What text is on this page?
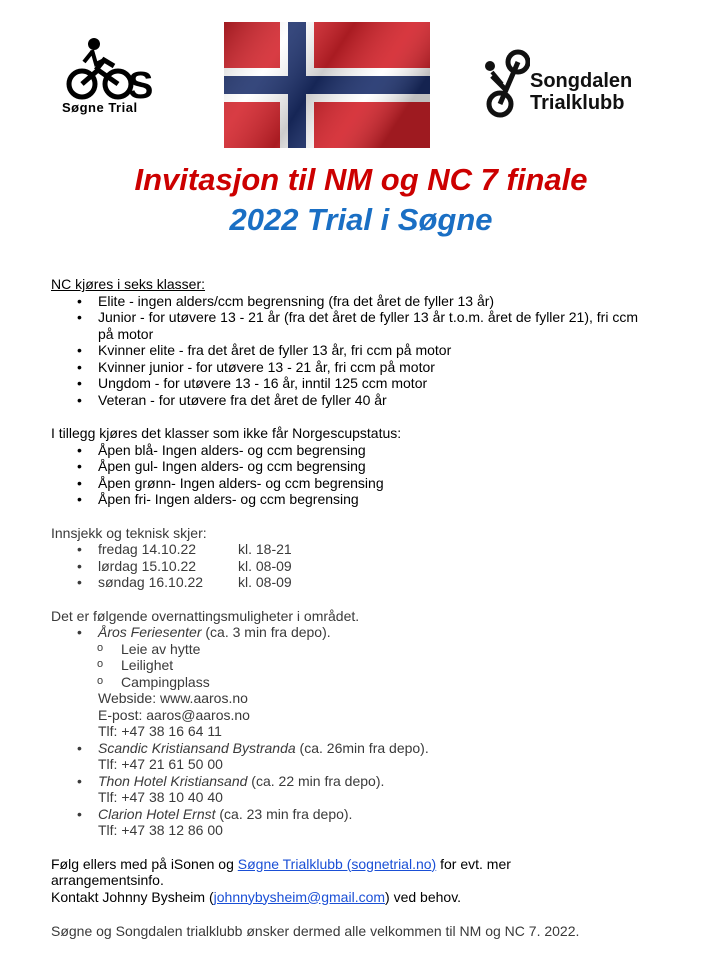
S
Søgne Trial
Songdalen
Trialklubb
Invitasjon til NM og NC 7 finale
2022 Trial i Søgne

NC kjøres i seks klasser:

• Elite - ingen alders/ccm begrensning (fra det året de fyller 13 år)
• Junior - for utøvere 13 - 21 år (fra det året de fyller 13 år t.o.m. året de fyller 21), fri ccm på motor
• Kvinner elite - fra det året de fyller 13 år, fri ccm på motor
• Kvinner junior - for utøvere 13 - 21 år, fri ccm på motor
• Ungdom - for utøvere 13 - 16 år, inntil 125 ccm motor
• Veteran - for utøvere fra det året de fyller 40 år

I tillegg kjøres det klasser som ikke får Norgescupstatus:

• Åpen blå- Ingen alders- og ccm begrensing
• Åpen gul- Ingen alders- og ccm begrensing
• Åpen grønn- Ingen alders- og ccm begrensing
• Åpen fri- Ingen alders- og ccm begrensing

Innsjekk og teknisk skjer:

• fredag 14.10.22	kl. 18-21
• lørdag 15.10.22	kl. 08-09
• søndag 16.10.22 kl. 08-09

Det er følgende overnattingsmuligheter i området.

• Åros Feriesenter (ca. 3 min fra depo).
o Leie av hytte
o Leilighet
o Campingplass
Webside: www.aaros.no
E-post: aaros@aaros.no
Tlf: +47 38 16 64 11
• Scandic Kristiansand Bystranda (ca. 26min fra depo).
Tlf: +47 21 61 50 00
• Thon Hotel Kristiansand (ca. 22 min fra depo).
Tlf: +47 38 10 40 40
• Clarion Hotel Ernst (ca. 23 min fra depo).
Tlf: +47 38 12 86 00

Følg ellers med på iSonen og Søgne Trialklubb (sognetrial.no) for evt. mer arrangementsinfo.

Kontakt Johnny Bysheim (johnnybysheim@gmail.com) ved behov.

Søgne og Songdalen trialklubb ønsker dermed alle velkommen til NM og NC 7. 2022.
